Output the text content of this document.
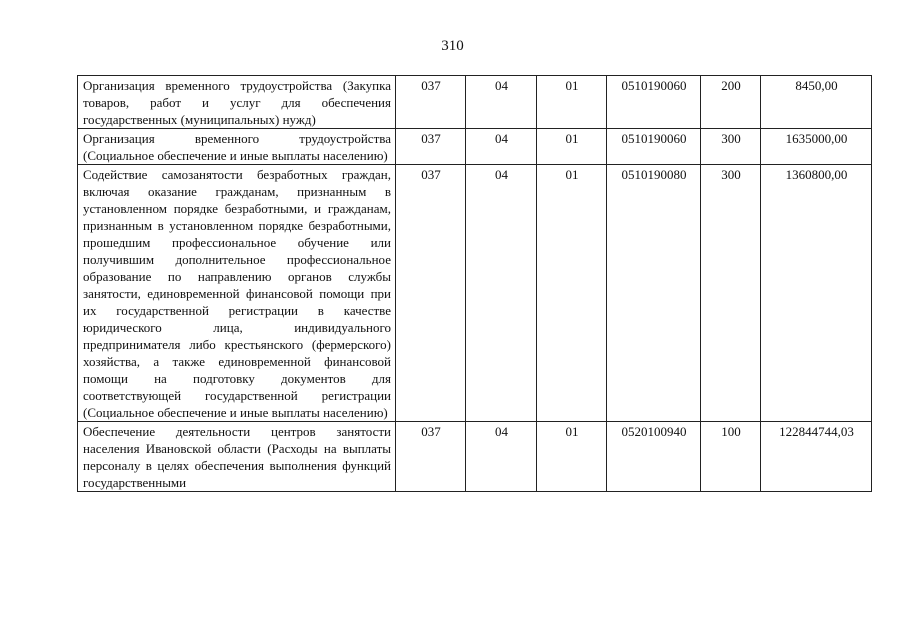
310
Организация временного трудоустройства (Закупка товаров, работ и услуг для обеспечения государственных (муниципальных) нужд)	037	04	01	0510190060	200	8450,00
Организация временного трудоустройства (Социальное обеспечение и иные выплаты населению)	037	04	01	0510190060	300	1635000,00
Содействие самозанятости безработных граждан, включая оказание гражданам, признанным в установленном порядке безработными, и гражданам, признанным в установленном порядке безработными, прошедшим профессиональное обучение или получившим дополнительное профессиональное образование по направлению органов службы занятости, единовременной финансовой помощи при их государственной регистрации в качестве юридического лица, индивидуального предпринимателя либо крестьянского (фермерского) хозяйства, а также единовременной финансовой помощи на подготовку документов для соответствующей государственной регистрации (Социальное обеспечение и иные выплаты населению)	037	04	01	0510190080	300	1360800,00
Обеспечение деятельности центров занятости населения Ивановской области (Расходы на выплаты персоналу в целях обеспечения выполнения функций государственными	037	04	01	0520100940	100	122844744,03
